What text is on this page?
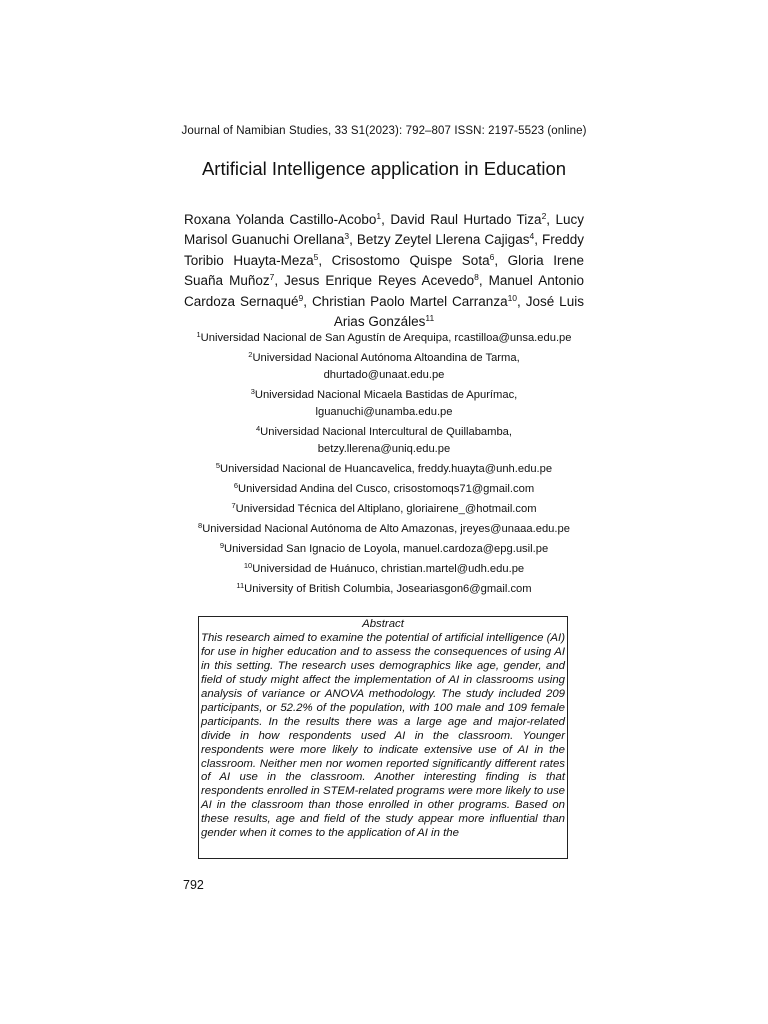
Journal of Namibian Studies, 33 S1(2023): 792–807 ISSN: 2197-5523 (online)
Artificial Intelligence application in Education
Roxana Yolanda Castillo-Acobo$^1$, David Raul Hurtado Tiza$^2$, Lucy Marisol Guanuchi Orellana$^3$, Betzy Zeytel Llerena Cajigas$^4$, Freddy Toribio Huayta-Meza$^5$, Crisostomo Quispe Sota$^6$, Gloria Irene Suaña Muñoz$^7$, Jesus Enrique Reyes Acevedo$^8$, Manuel Antonio Cardoza Sernaqué$^9$, Christian Paolo Martel Carranza$^{10}$, José Luis Arias Gonzáles$^{11}$
$^1$Universidad Nacional de San Agustín de Arequipa, rcastilloa@unsa.edu.pe
$^2$Universidad Nacional Autónoma Altoandina de Tarma,
dhurtado@unaat.edu.pe
$^3$Universidad Nacional Micaela Bastidas de Apurímac,
lguanuchi@unamba.edu.pe
$^4$Universidad Nacional Intercultural de Quillabamba,
betzy.llerena@uniq.edu.pe
$^5$Universidad Nacional de Huancavelica, freddy.huayta@unh.edu.pe
$^6$Universidad Andina del Cusco, crisostomoqs71@gmail.com
$^7$Universidad Técnica del Altiplano, gloriairene_@hotmail.com
$^8$Universidad Nacional Autónoma de Alto Amazonas, jreyes@unaaa.edu.pe
$^9$Universidad San Ignacio de Loyola, manuel.cardoza@epg.usil.pe
$^{10}$Universidad de Huánuco, christian.martel@udh.edu.pe
$^{11}$University of British Columbia, Joseariasgon6@gmail.com
Abstract

This research aimed to examine the potential of artificial intelligence (AI) for use in higher education and to assess the consequences of using AI in this setting. The research uses demographics like age, gender, and field of study might affect the implementation of AI in classrooms using analysis of variance or ANOVA methodology. The study included 209 participants, or 52.2% of the population, with 100 male and 109 female participants. In the results there was a large age and major-related divide in how respondents used AI in the classroom. Younger respondents were more likely to indicate extensive use of AI in the classroom. Neither men nor women reported significantly different rates of AI use in the classroom. Another interesting finding is that respondents enrolled in STEM-related programs were more likely to use AI in the classroom than those enrolled in other programs. Based on these results, age and field of the study appear more influential than gender when it comes to the application of AI in the

792
